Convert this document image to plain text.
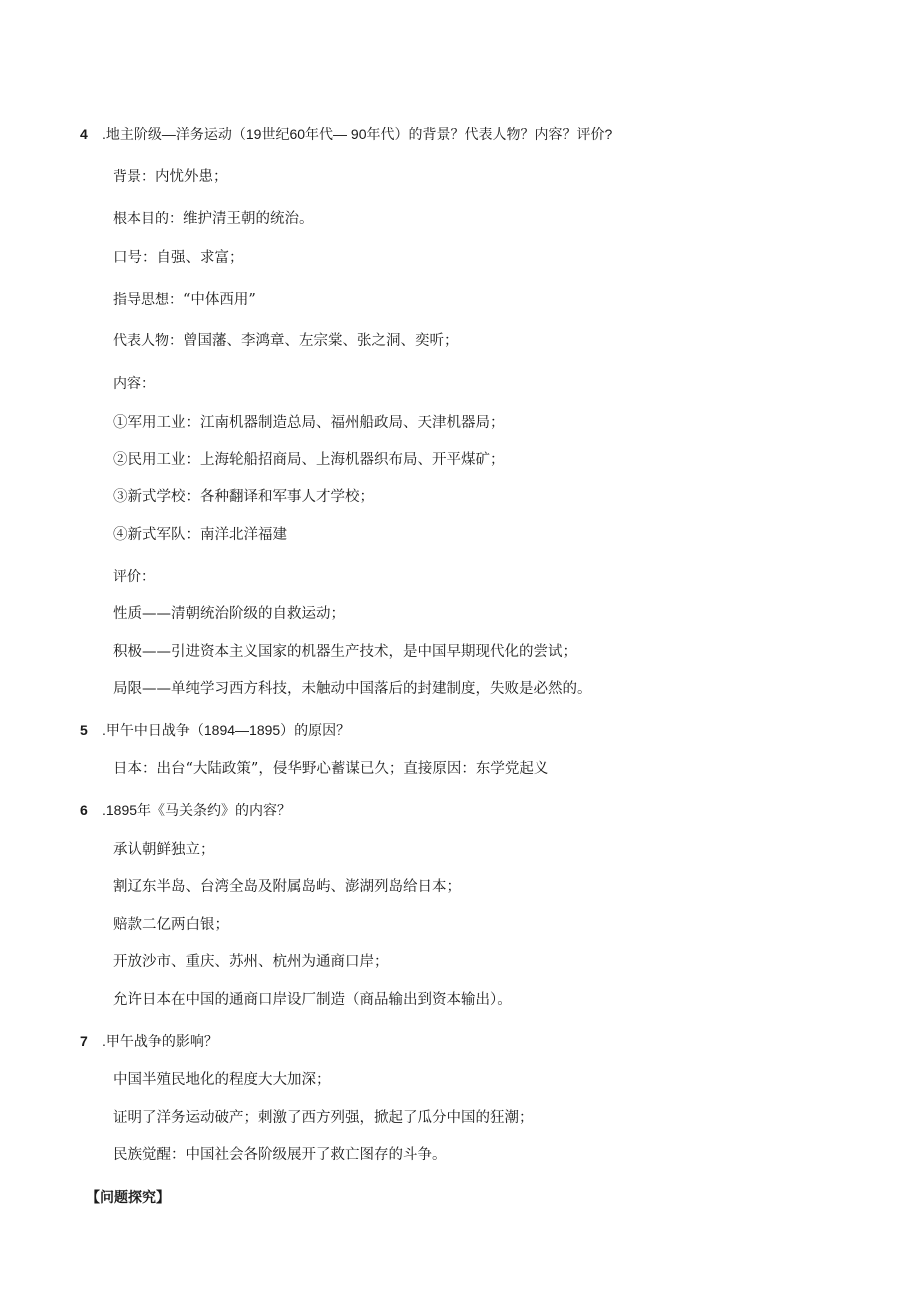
4 .地主阶级—洋务运动（19世纪60年代— 90年代）的背景？代表人物？内容？评价?
背景：内忧外患；
根本目的：维护清王朝的统治。
口号：自强、求富；
指导思想：“中体西用”
代表人物：曾国藩、李鸿章、左宗棠、张之洞、奕听；
内容：
①军用工业：江南机器制造总局、福州船政局、天津机器局；
②民用工业：上海轮船招商局、上海机器织布局、开平煤矿；
③新式学校：各种翻译和军事人才学校；
④新式军队：南洋北洋福建
评价：
性质——清朝统治阶级的自救运动；
积极——引进资本主义国家的机器生产技术，是中国早期现代化的尝试；
局限——单纯学习西方科技，未触动中国落后的封建制度，失败是必然的。
5 .甲午中日战争（1894—1895）的原因？
日本：出台“大陆政策”，侵华野心蓄谋已久；直接原因：东学党起义
6 .1895年《马关条约》的内容？
承认朝鲜独立；
割辽东半岛、台湾全岛及附属岛屿、澎湖列岛给日本；
赔款二亿两白银；
开放沙市、重庆、苏州、杭州为通商口岸；
允许日本在中国的通商口岸设厂制造（商品输出到资本输出）。
7 .甲午战争的影响？
中国半殖民地化的程度大大加深；
证明了洋务运动破产；刺激了西方列强，掀起了瓜分中国的狂潮；
民族觉醒：中国社会各阶级展开了救亡图存的斗争。
【问题探究】
